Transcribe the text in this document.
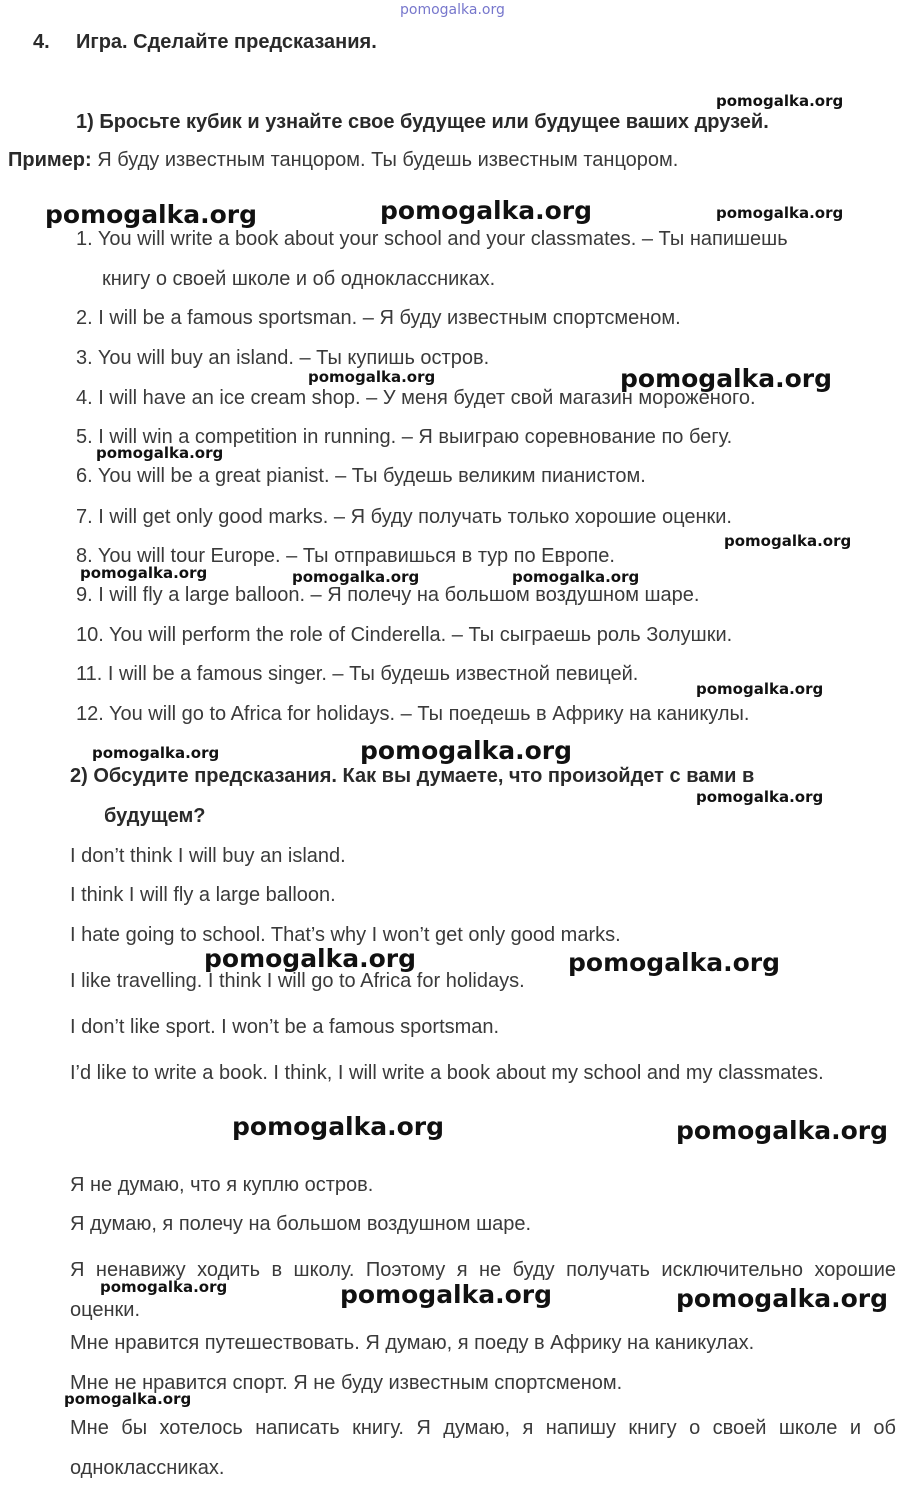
pomogalka.org
4. Игра. Сделайте предсказания.
1) Бросьте кубик и узнайте свое будущее или будущее ваших друзей.
Пример: Я буду известным танцором. Ты будешь известным танцором.
1. You will write a book about your school and your classmates. – Ты напишешь
книгу о своей школе и об одноклассниках.
2. I will be a famous sportsman. – Я буду известным спортсменом.
3. You will buy an island. – Ты купишь остров.
4. I will have an ice cream shop. – У меня будет свой магазин мороженого.
5. I will win a competition in running. – Я выиграю соревнование по бегу.
6. You will be a great pianist. – Ты будешь великим пианистом.
7. I will get only good marks. – Я буду получать только хорошие оценки.
8. You will tour Europe. – Ты отправишься в тур по Европе.
9. I will fly a large balloon. – Я полечу на большом воздушном шаре.
10. You will perform the role of Cinderella. – Ты сыграешь роль Золушки.
11. I will be a famous singer. – Ты будешь известной певицей.
12. You will go to Africa for holidays. – Ты поедешь в Африку на каникулы.
2) Обсудите предсказания. Как вы думаете, что произойдет с вами в
будущем?
I don’t think I will buy an island.
I think I will fly a large balloon.
I hate going to school. That’s why I won’t get only good marks.
I like travelling. I think I will go to Africa for holidays.
I don’t like sport. I won’t be a famous sportsman.
I’d like to write a book. I think, I will write a book about my school and my classmates.
Я не думаю, что я куплю остров.
Я думаю, я полечу на большом воздушном шаре.
Я ненавижу ходить в школу. Поэтому я не буду получать исключительно хорошие оценки.
Мне нравится путешествовать. Я думаю, я поеду в Африку на каникулах.
Мне не нравится спорт. Я не буду известным спортсменом.
Мне бы хотелось написать книгу. Я думаю, я напишу книгу о своей школе и об одноклассниках.
pomogalka.org
pomogalka.org	pomogalka.org	pomogalka.org
pomogalka.org	pomogalka.org
pomogalka.org
pomogalka.org
pomogalka.org	pomogalka.org	pomogalka.org
pomogalka.org
pomogalka.org	pomogalka.org
pomogalka.org
pomogalka.org	pomogalka.org
pomogalka.org	pomogalka.org
pomogalka.org	pomogalka.org	pomogalka.org
pomogalka.org
